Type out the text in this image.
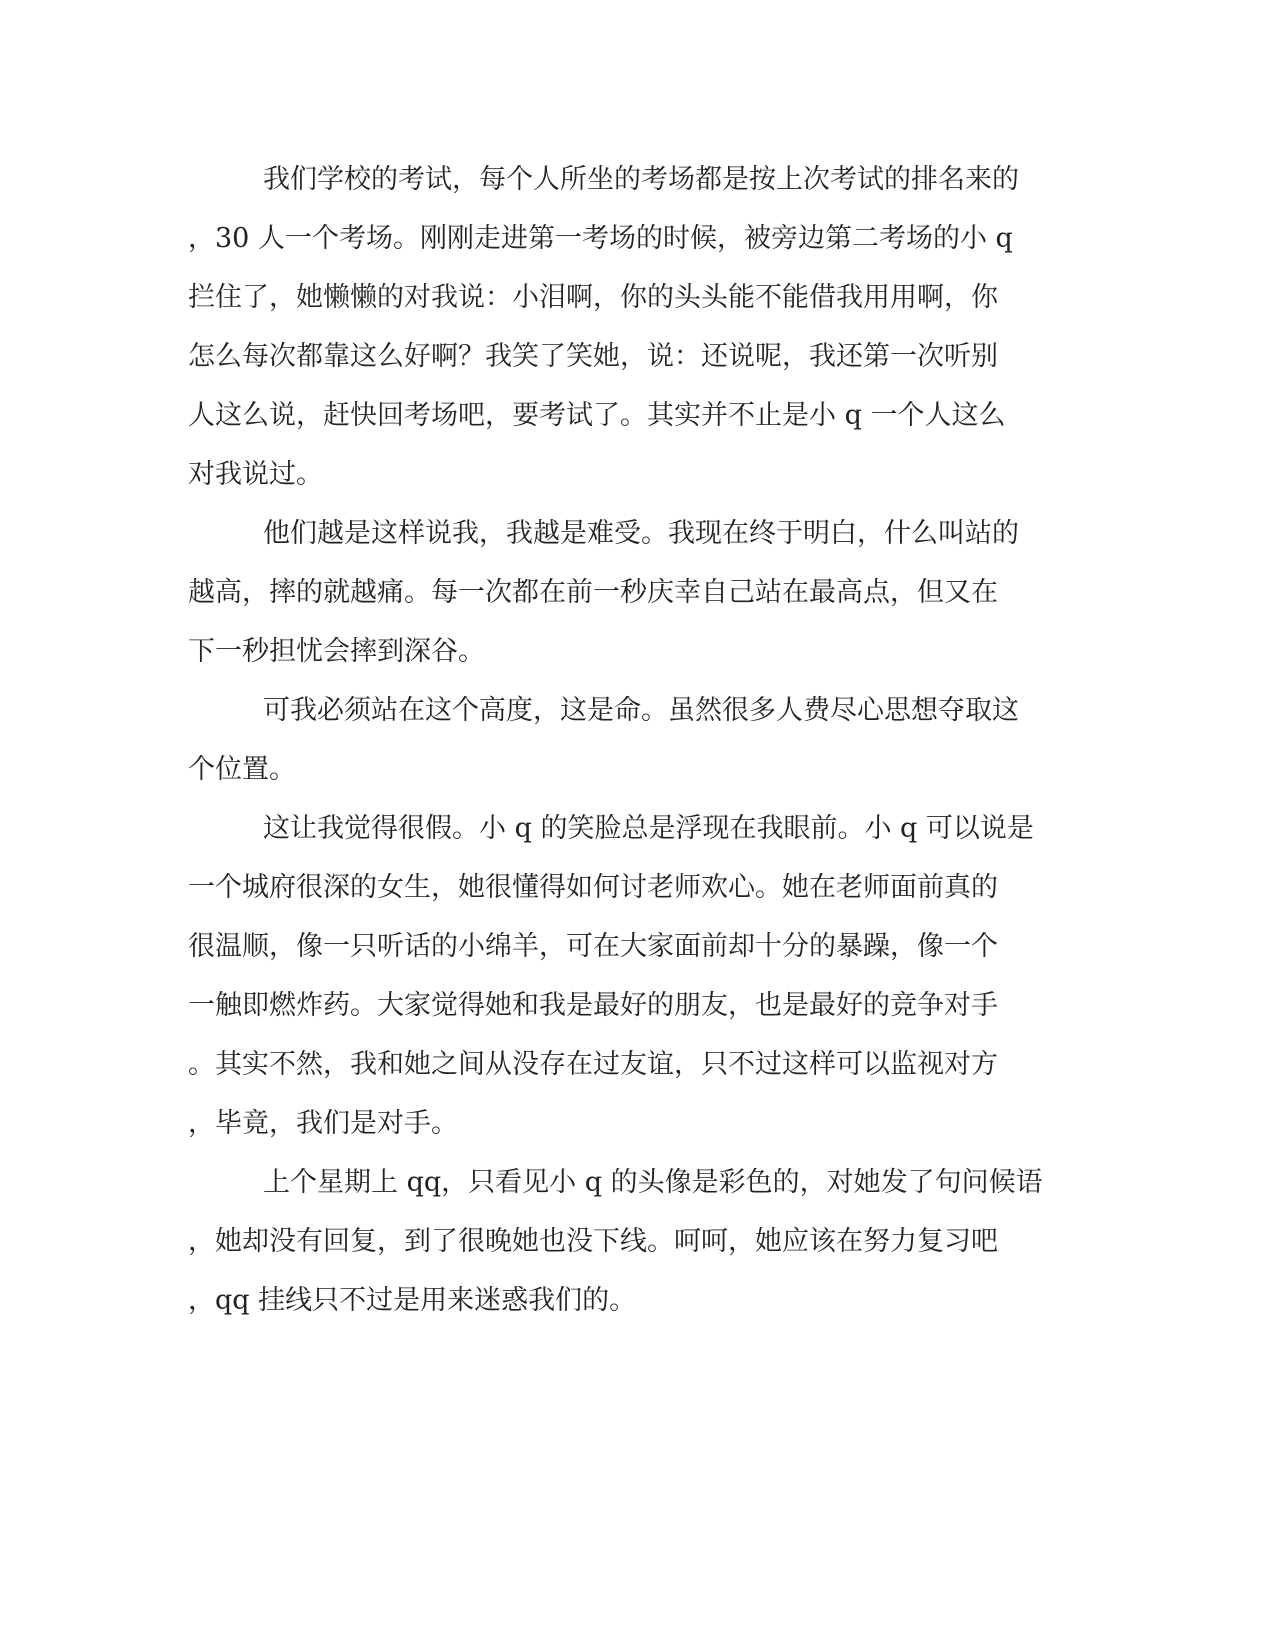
我们学校的考试，每个人所坐的考场都是按上次考试的排名来的
，30 人一个考场。刚刚走进第一考场的时候，被旁边第二考场的小 q
拦住了，她懒懒的对我说：小泪啊，你的头头能不能借我用用啊，你
怎么每次都靠这么好啊？我笑了笑她，说：还说呢，我还第一次听别
人这么说，赶快回考场吧，要考试了。其实并不止是小 q 一个人这么
对我说过。
他们越是这样说我，我越是难受。我现在终于明白，什么叫站的
越高，摔的就越痛。每一次都在前一秒庆幸自己站在最高点，但又在
下一秒担忧会摔到深谷。
可我必须站在这个高度，这是命。虽然很多人费尽心思想夺取这
个位置。
这让我觉得很假。小 q 的笑脸总是浮现在我眼前。小 q 可以说是
一个城府很深的女生，她很懂得如何讨老师欢心。她在老师面前真的
很温顺，像一只听话的小绵羊，可在大家面前却十分的暴躁，像一个
一触即燃炸药。大家觉得她和我是最好的朋友，也是最好的竞争对手
。其实不然，我和她之间从没存在过友谊，只不过这样可以监视对方
，毕竟，我们是对手。
上个星期上 qq，只看见小 q 的头像是彩色的，对她发了句问候语
，她却没有回复，到了很晚她也没下线。呵呵，她应该在努力复习吧
，qq 挂线只不过是用来迷惑我们的。
